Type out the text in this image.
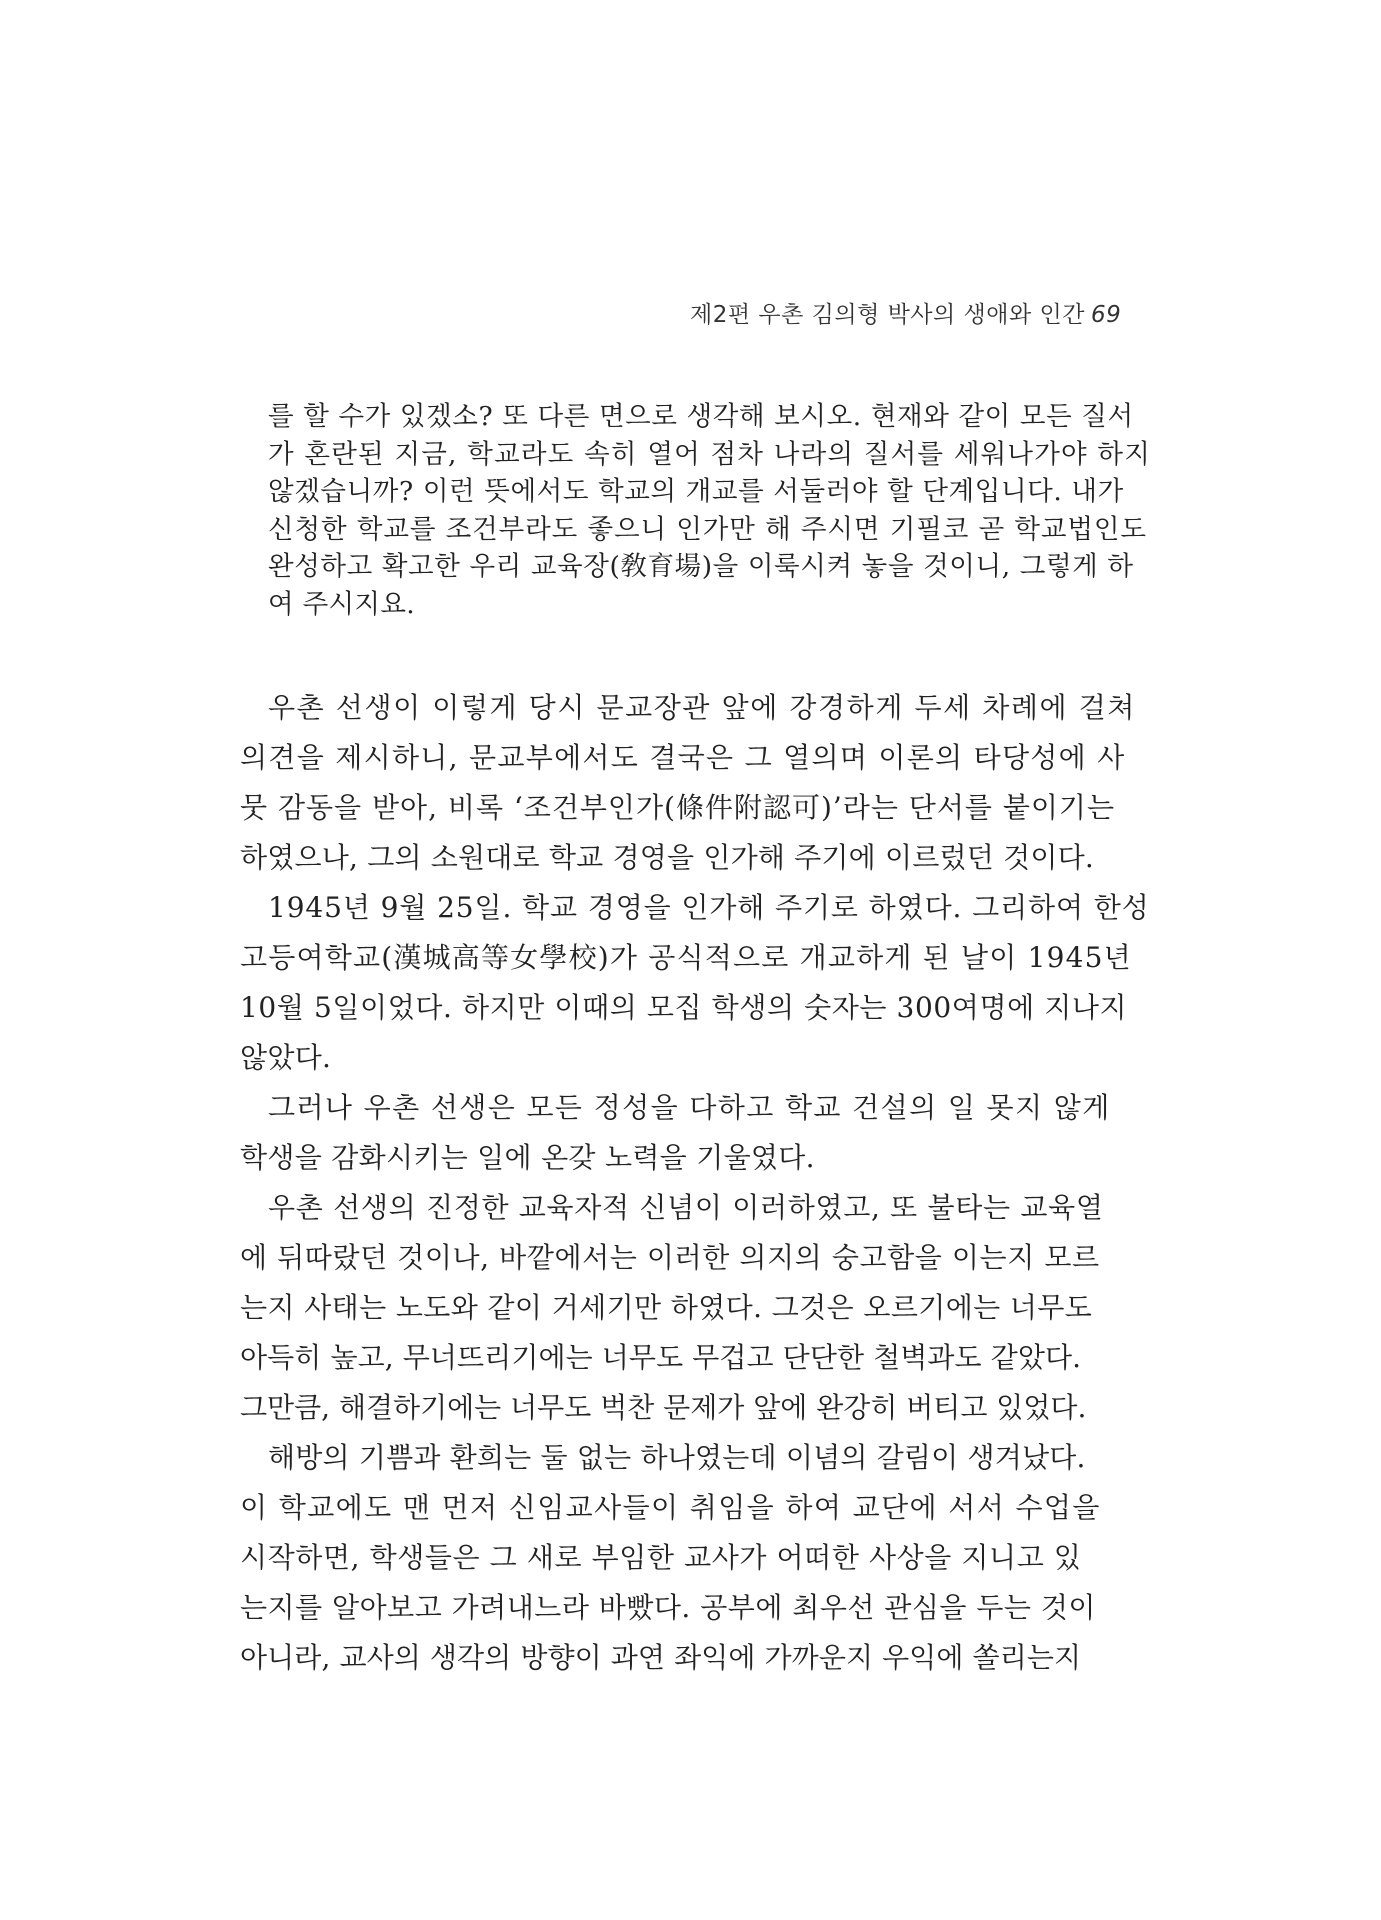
제2편 우촌 김의형 박사의 생애와 인간 69
를 할 수가 있겠소? 또 다른 면으로 생각해 보시오. 현재와 같이 모든 질서
가 혼란된 지금, 학교라도 속히 열어 점차 나라의 질서를 세워나가야 하지
않겠습니까? 이런 뜻에서도 학교의 개교를 서둘러야 할 단계입니다. 내가
신청한 학교를 조건부라도 좋으니 인가만 해 주시면 기필코 곧 학교법인도
완성하고 확고한 우리 교육장(敎育場)을 이룩시켜 놓을 것이니, 그렇게 하
여 주시지요.
우촌 선생이 이렇게 당시 문교장관 앞에 강경하게 두세 차례에 걸쳐
의견을 제시하니, 문교부에서도 결국은 그 열의며 이론의 타당성에 사
뭇 감동을 받아, 비록 ‘조건부인가(條件附認可)’라는 단서를 붙이기는
하였으나, 그의 소원대로 학교 경영을 인가해 주기에 이르렀던 것이다.
1945년 9월 25일. 학교 경영을 인가해 주기로 하였다. 그리하여 한성
고등여학교(漢城高等女學校)가 공식적으로 개교하게 된 날이 1945년
10월 5일이었다. 하지만 이때의 모집 학생의 숫자는 300여명에 지나지
않았다.
그러나 우촌 선생은 모든 정성을 다하고 학교 건설의 일 못지 않게
학생을 감화시키는 일에 온갖 노력을 기울였다.
우촌 선생의 진정한 교육자적 신념이 이러하였고, 또 불타는 교육열
에 뒤따랐던 것이나, 바깥에서는 이러한 의지의 숭고함을 이는지 모르
는지 사태는 노도와 같이 거세기만 하였다. 그것은 오르기에는 너무도
아득히 높고, 무너뜨리기에는 너무도 무겁고 단단한 철벽과도 같았다.
그만큼, 해결하기에는 너무도 벅찬 문제가 앞에 완강히 버티고 있었다.
해방의 기쁨과 환희는 둘 없는 하나였는데 이념의 갈림이 생겨났다.
이 학교에도 맨 먼저 신임교사들이 취임을 하여 교단에 서서 수업을
시작하면, 학생들은 그 새로 부임한 교사가 어떠한 사상을 지니고 있
는지를 알아보고 가려내느라 바빴다. 공부에 최우선 관심을 두는 것이
아니라, 교사의 생각의 방향이 과연 좌익에 가까운지 우익에 쏠리는지
